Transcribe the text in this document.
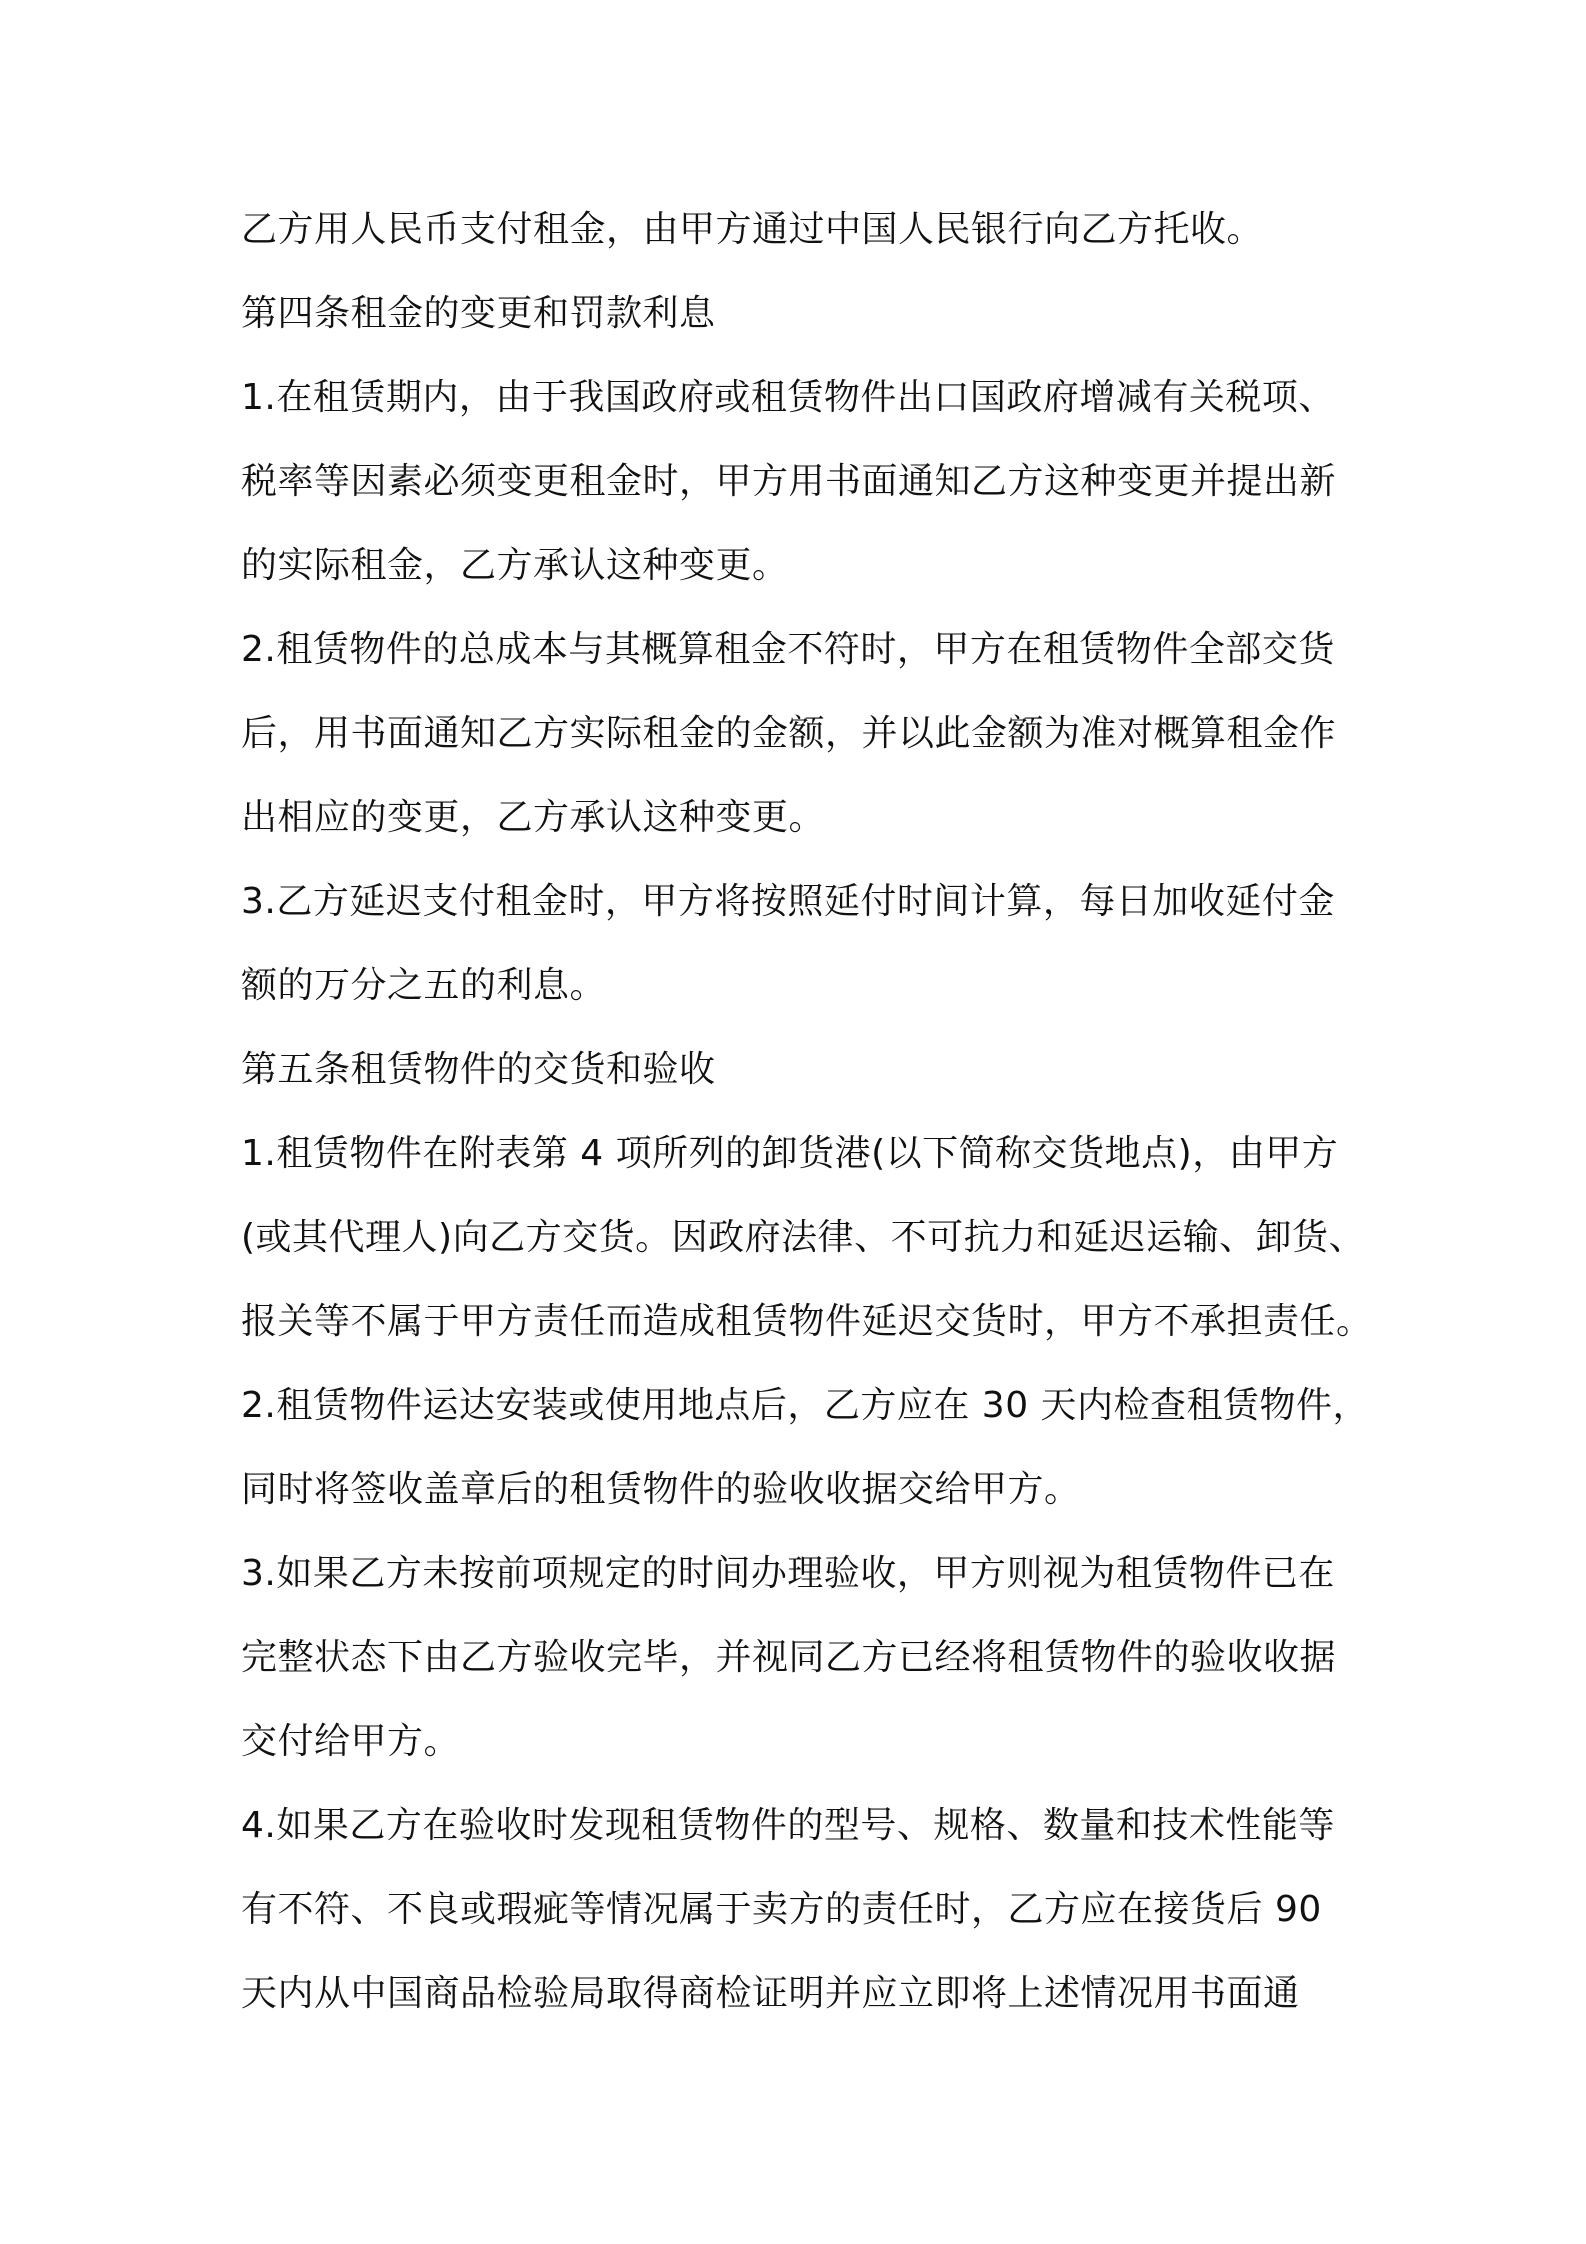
乙方用人民币支付租金，由甲方通过中国人民银行向乙方托收。
第四条租金的变更和罚款利息
1.在租赁期内，由于我国政府或租赁物件出口国政府增减有关税项、
税率等因素必须变更租金时，甲方用书面通知乙方这种变更并提出新
的实际租金，乙方承认这种变更。
2.租赁物件的总成本与其概算租金不符时，甲方在租赁物件全部交货
后，用书面通知乙方实际租金的金额，并以此金额为准对概算租金作
出相应的变更，乙方承认这种变更。
3.乙方延迟支付租金时，甲方将按照延付时间计算，每日加收延付金
额的万分之五的利息。
第五条租赁物件的交货和验收
1.租赁物件在附表第 4 项所列的卸货港(以下简称交货地点)，由甲方
(或其代理人)向乙方交货。因政府法律、不可抗力和延迟运输、卸货、
报关等不属于甲方责任而造成租赁物件延迟交货时，甲方不承担责任。
2.租赁物件运达安装或使用地点后，乙方应在 30 天内检查租赁物件，
同时将签收盖章后的租赁物件的验收收据交给甲方。
3.如果乙方未按前项规定的时间办理验收，甲方则视为租赁物件已在
完整状态下由乙方验收完毕，并视同乙方已经将租赁物件的验收收据
交付给甲方。
4.如果乙方在验收时发现租赁物件的型号、规格、数量和技术性能等
有不符、不良或瑕疵等情况属于卖方的责任时，乙方应在接货后 90
天内从中国商品检验局取得商检证明并应立即将上述情况用书面通
